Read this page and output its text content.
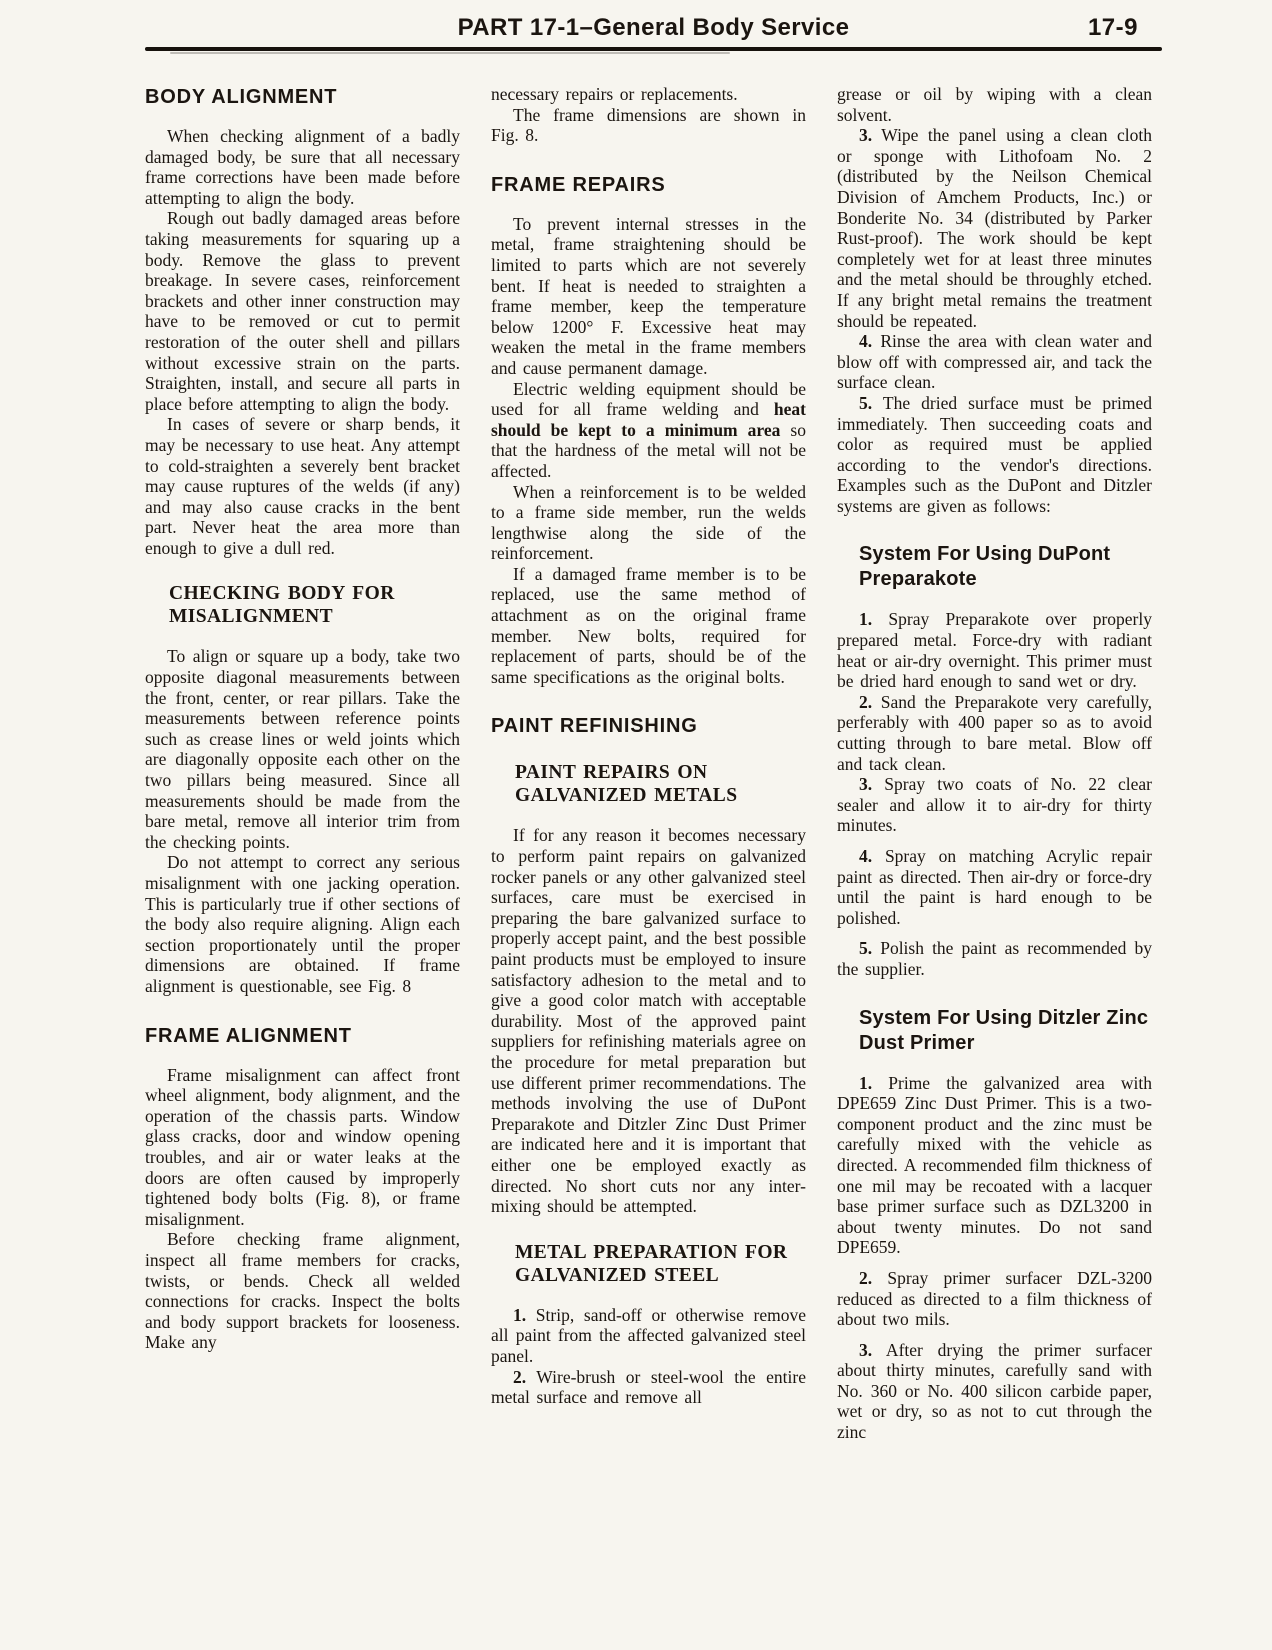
PART 17-1–General Body Service	17-9
BODY ALIGNMENT

When checking alignment of a badly damaged body, be sure that all necessary frame corrections have been made before attempting to align the body.

Rough out badly damaged areas before taking measurements for squaring up a body. Remove the glass to prevent breakage. In severe cases, reinforcement brackets and other inner construction may have to be removed or cut to permit restoration of the outer shell and pillars without excessive strain on the parts. Straighten, install, and secure all parts in place before attempting to align the body.

In cases of severe or sharp bends, it may be necessary to use heat. Any attempt to cold-straighten a severely bent bracket may cause ruptures of the welds (if any) and may also cause cracks in the bent part. Never heat the area more than enough to give a dull red.

CHECKING BODY FOR MISALIGNMENT

To align or square up a body, take two opposite diagonal measurements between the front, center, or rear pillars. Take the measurements between reference points such as crease lines or weld joints which are diagonally opposite each other on the two pillars being measured. Since all measurements should be made from the bare metal, remove all interior trim from the checking points.

Do not attempt to correct any serious misalignment with one jacking operation. This is particularly true if other sections of the body also require aligning. Align each section proportionately until the proper dimensions are obtained. If frame alignment is questionable, see Fig. 8

FRAME ALIGNMENT

Frame misalignment can affect front wheel alignment, body alignment, and the operation of the chassis parts. Window glass cracks, door and window opening troubles, and air or water leaks at the doors are often caused by improperly tightened body bolts (Fig. 8), or frame misalignment.

Before checking frame alignment, inspect all frame members for cracks, twists, or bends. Check all welded connections for cracks. Inspect the bolts and body support brackets for looseness. Make any

necessary repairs or replacements.

The frame dimensions are shown in Fig. 8.

FRAME REPAIRS

To prevent internal stresses in the metal, frame straightening should be limited to parts which are not severely bent. If heat is needed to straighten a frame member, keep the temperature below 1200° F. Excessive heat may weaken the metal in the frame members and cause permanent damage.

Electric welding equipment should be used for all frame welding and heat should be kept to a minimum area so that the hardness of the metal will not be affected.

When a reinforcement is to be welded to a frame side member, run the welds lengthwise along the side of the reinforcement.

If a damaged frame member is to be replaced, use the same method of attachment as on the original frame member. New bolts, required for replacement of parts, should be of the same specifications as the original bolts.

PAINT REFINISHING
PAINT REPAIRS ON GALVANIZED METALS

If for any reason it becomes necessary to perform paint repairs on galvanized rocker panels or any other galvanized steel surfaces, care must be exercised in preparing the bare galvanized surface to properly accept paint, and the best possible paint products must be employed to insure satisfactory adhesion to the metal and to give a good color match with acceptable durability. Most of the approved paint suppliers for refinishing materials agree on the procedure for metal preparation but use different primer recommendations. The methods involving the use of DuPont Preparakote and Ditzler Zinc Dust Primer are indicated here and it is important that either one be employed exactly as directed. No short cuts nor any inter-mixing should be attempted.

METAL PREPARATION FOR GALVANIZED STEEL

1. Strip, sand-off or otherwise remove all paint from the affected galvanized steel panel.

2. Wire-brush or steel-wool the entire metal surface and remove all

grease or oil by wiping with a clean solvent.

3. Wipe the panel using a clean cloth or sponge with Lithofoam No. 2 (distributed by the Neilson Chemical Division of Amchem Products, Inc.) or Bonderite No. 34 (distributed by Parker Rust-proof). The work should be kept completely wet for at least three minutes and the metal should be throughly etched. If any bright metal remains the treatment should be repeated.

4. Rinse the area with clean water and blow off with compressed air, and tack the surface clean.

5. The dried surface must be primed immediately. Then succeeding coats and color as required must be applied according to the vendor's directions. Examples such as the DuPont and Ditzler systems are given as follows:

System For Using DuPont Preparakote

1. Spray Preparakote over properly prepared metal. Force-dry with radiant heat or air-dry overnight. This primer must be dried hard enough to sand wet or dry.

2. Sand the Preparakote very carefully, perferably with 400 paper so as to avoid cutting through to bare metal. Blow off and tack clean.

3. Spray two coats of No. 22 clear sealer and allow it to air-dry for thirty minutes.

4. Spray on matching Acrylic repair paint as directed. Then air-dry or force-dry until the paint is hard enough to be polished.

5. Polish the paint as recommended by the supplier.

System For Using Ditzler Zinc Dust Primer

1. Prime the galvanized area with DPE659 Zinc Dust Primer. This is a two-component product and the zinc must be carefully mixed with the vehicle as directed. A recommended film thickness of one mil may be recoated with a lacquer base primer surface such as DZL3200 in about twenty minutes. Do not sand DPE659.

2. Spray primer surfacer DZL-3200 reduced as directed to a film thickness of about two mils.

3. After drying the primer surfacer about thirty minutes, carefully sand with No. 360 or No. 400 silicon carbide paper, wet or dry, so as not to cut through the zinc
